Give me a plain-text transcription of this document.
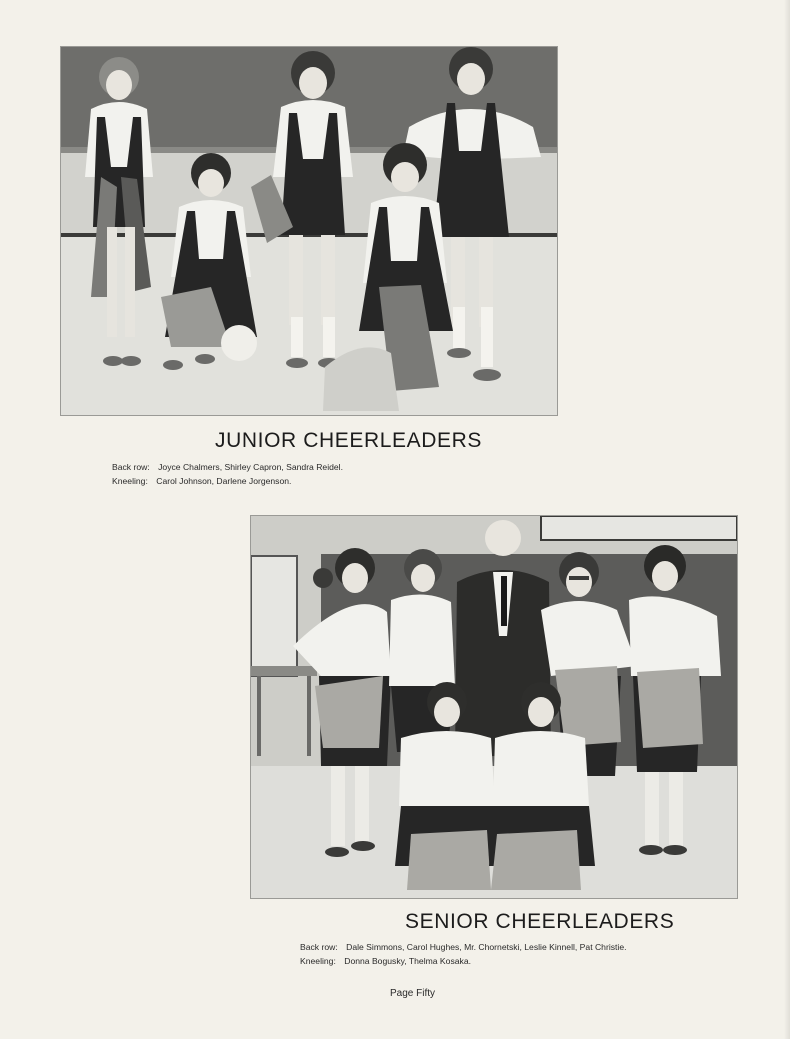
JUNIOR CHEERLEADERS
Back row: Joyce Chalmers, Shirley Capron, Sandra Reidel.
Kneeling: Carol Johnson, Darlene Jorgenson.
SENIOR CHEERLEADERS
Back row: Dale Simmons, Carol Hughes, Mr. Chornetski, Leslie Kinnell, Pat Christie.
Kneeling: Donna Bogusky, Thelma Kosaka.
Page Fifty
